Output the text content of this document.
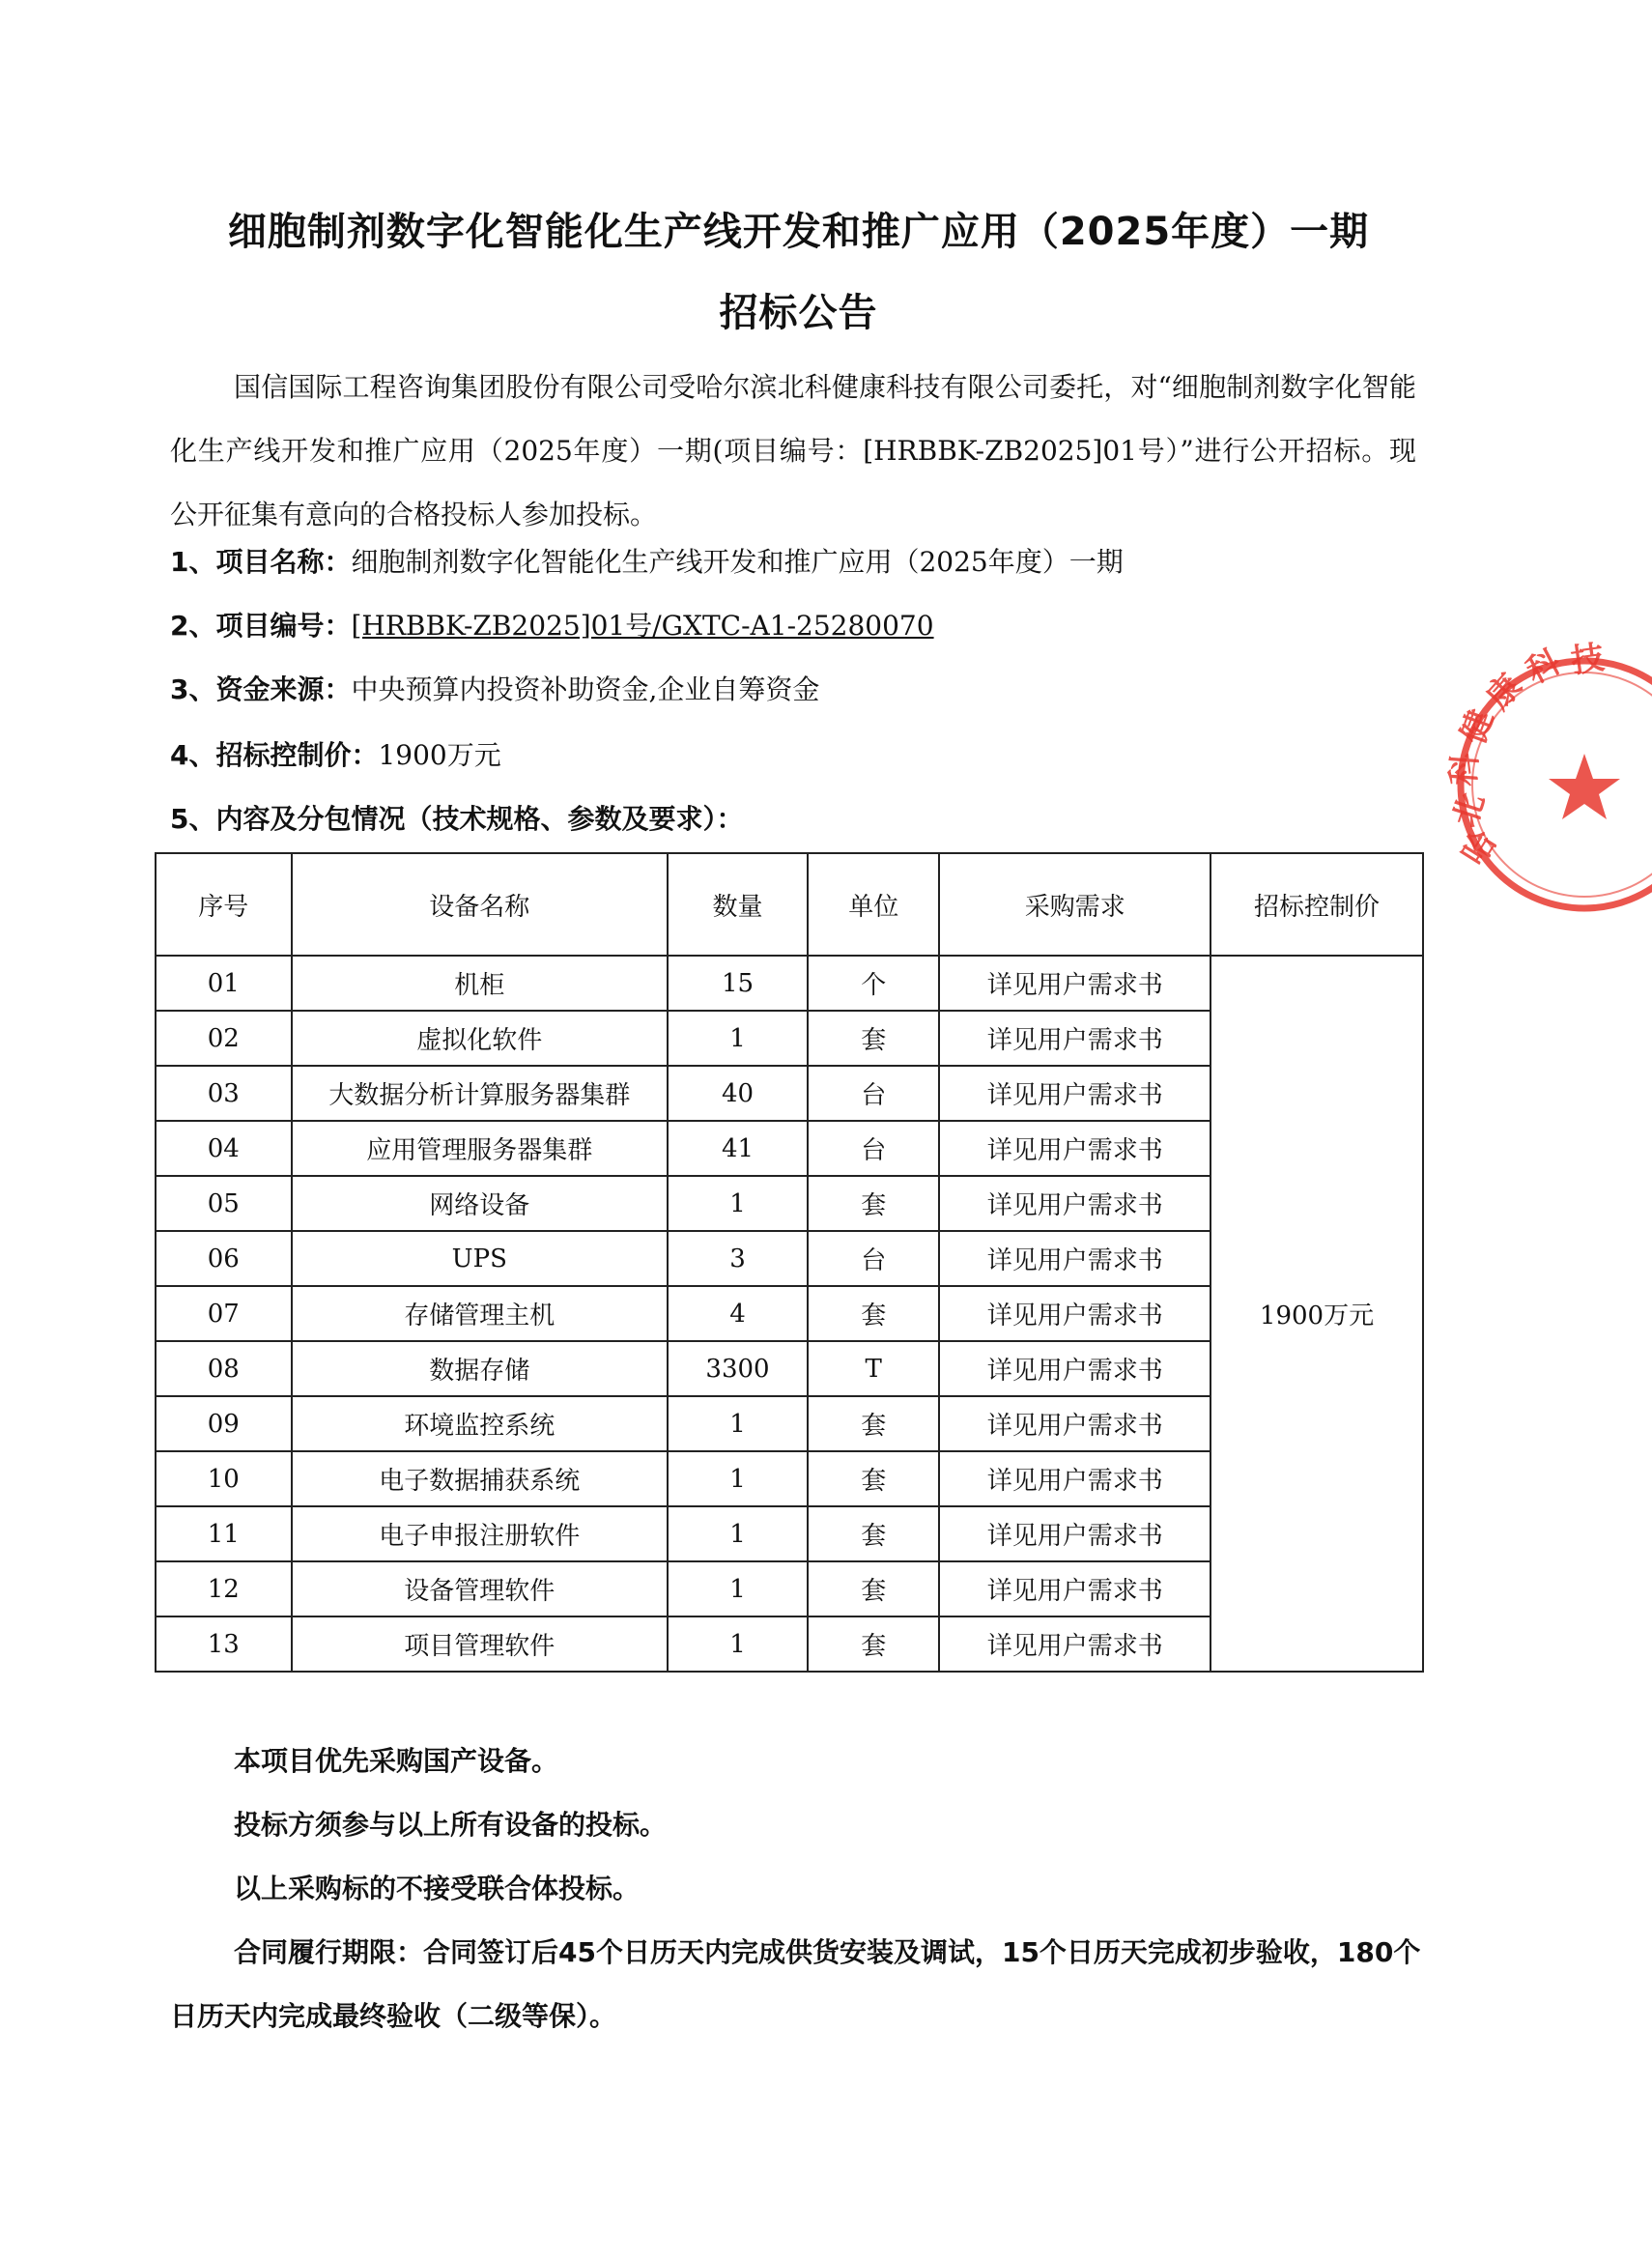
细胞制剂数字化智能化生产线开发和推广应用（2025年度）一期
招标公告

国信国际工程咨询集团股份有限公司受哈尔滨北科健康科技有限公司委托，对“细胞制剂数字化智能化生产线开发和推广应用（2025年度）一期(项目编号：[HRBBK-ZB2025]01号）”进行公开招标。现公开征集有意向的合格投标人参加投标。

1、项目名称：细胞制剂数字化智能化生产线开发和推广应用（2025年度）一期
2、项目编号：[HRBBK-ZB2025]01号/GXTC-A1-25280070
3、资金来源：中央预算内投资补助资金,企业自筹资金
4、招标控制价：1900万元
5、内容及分包情况（技术规格、参数及要求）：
序号	设备名称	数量	单位	采购需求	招标控制价
01	机柜	15	个	详见用户需求书	1900万元
02	虚拟化软件	1	套	详见用户需求书	
03	大数据分析计算服务器集群	40	台	详见用户需求书	
04	应用管理服务器集群	41	台	详见用户需求书	
05	网络设备	1	套	详见用户需求书	
06	UPS	3	台	详见用户需求书	
07	存储管理主机	4	套	详见用户需求书	
08	数据存储	3300	T	详见用户需求书	
09	环境监控系统	1	套	详见用户需求书	
10	电子数据捕获系统	1	套	详见用户需求书	
11	电子申报注册软件	1	套	详见用户需求书	
12	设备管理软件	1	套	详见用户需求书	
13	项目管理软件	1	套	详见用户需求书	

本项目优先采购国产设备。

投标方须参与以上所有设备的投标。

以上采购标的不接受联合体投标。

合同履行期限：合同签订后45个日历天内完成供货安装及调试，15个日历天完成初步验收，180个日历天内完成最终验收（二级等保）。

哈
北
科
健
康
科 技
